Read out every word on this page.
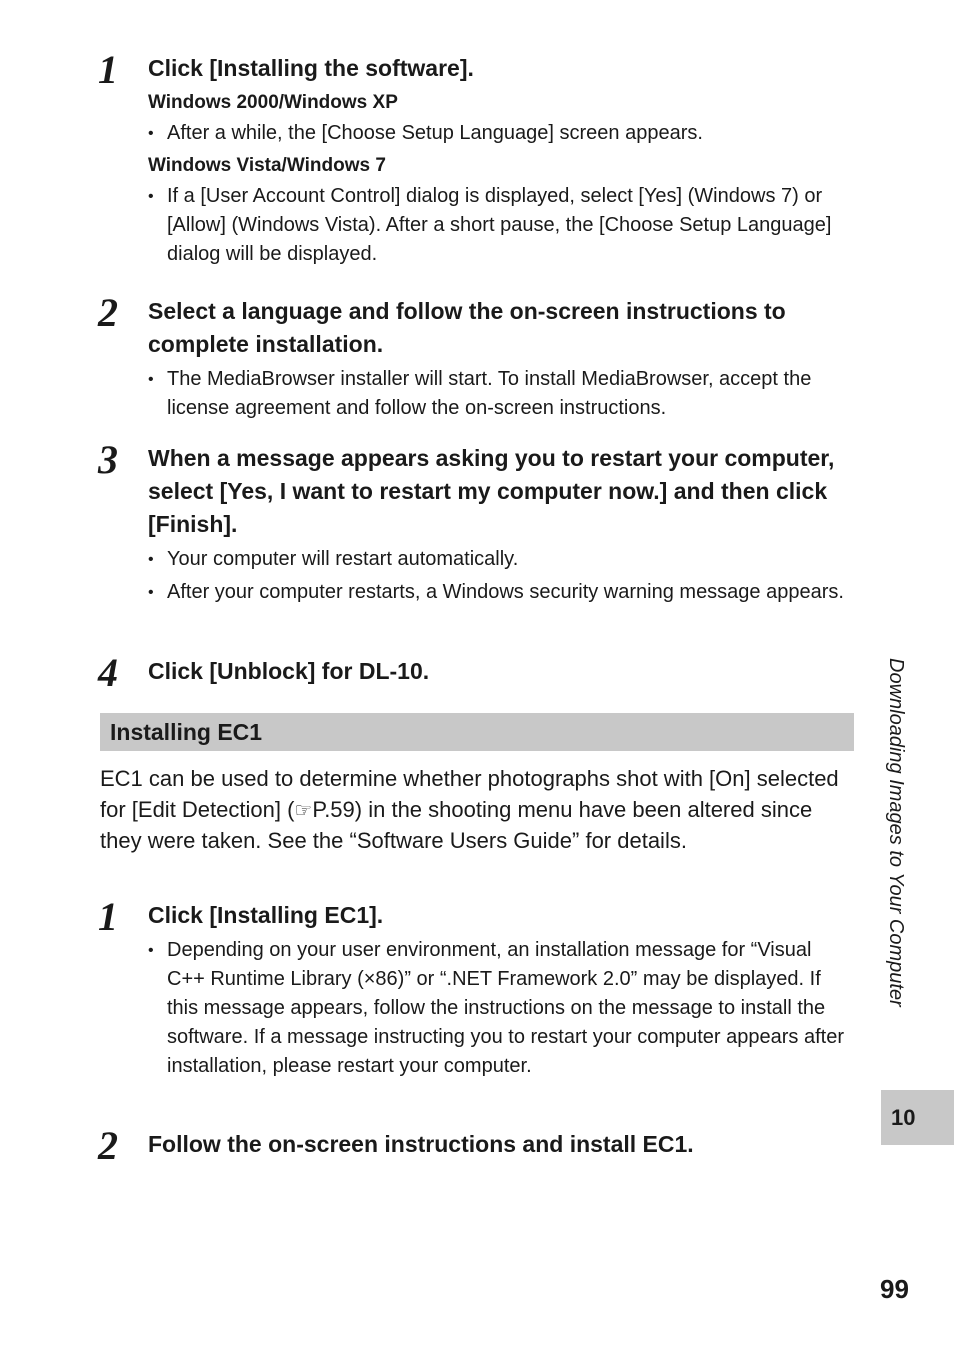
1 Click [Installing the software].

Windows 2000/Windows XP

• After a while, the [Choose Setup Language] screen appears.

Windows Vista/Windows 7

• If a [User Account Control] dialog is displayed, select [Yes] (Windows 7) or [Allow] (Windows Vista). After a short pause, the [Choose Setup Language] dialog will be displayed.

2 Select a language and follow the on-screen instructions to complete installation.

• The MediaBrowser installer will start. To install MediaBrowser, accept the license agreement and follow the on-screen instructions.

3 When a message appears asking you to restart your computer, select [Yes, I want to restart my computer now.] and then click [Finish].

• Your computer will restart automatically.

• After your computer restarts, a Windows security warning message appears.

4 Click [Unblock] for DL-10.

Installing EC1

EC1 can be used to determine whether photographs shot with [On] selected for [Edit Detection] (☞P.59) in the shooting menu have been altered since they were taken. See the “Software Users Guide” for details.

1 Click [Installing EC1].

• Depending on your user environment, an installation message for “Visual C++ Runtime Library (×86)” or “.NET Framework 2.0” may be displayed. If this message appears, follow the instructions on the message to install the software. If a message instructing you to restart your computer appears after installation, please restart your computer.

2 Follow the on-screen instructions and install EC1.

Downloading Images to Your Computer
10
99
